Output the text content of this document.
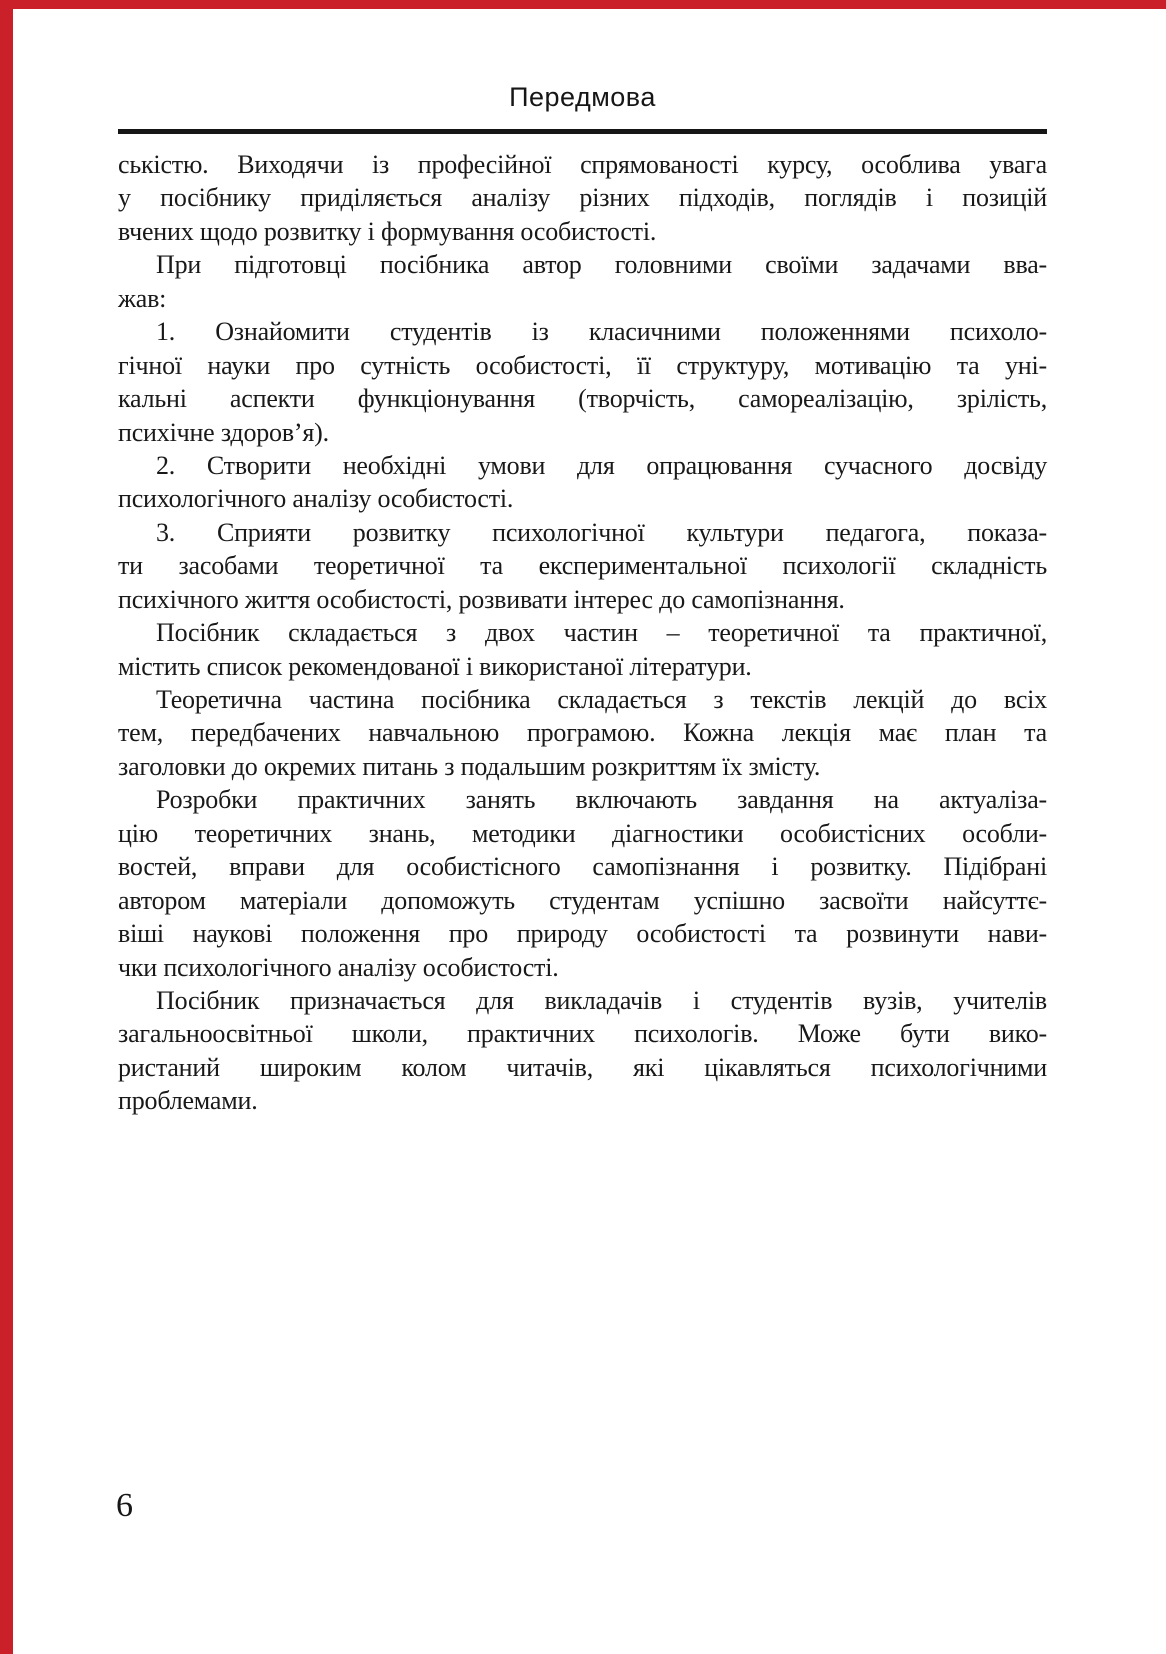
Передмова
ськістю. Виходячи із професійної спрямованості курсу, особлива увага
у посібнику приділяється аналізу різних підходів, поглядів і позицій
вчених щодо розвитку і формування особистості.
При підготовці посібника автор головними своїми задачами вва-
жав:
1. Ознайомити студентів із класичними положеннями психоло-
гічної науки про сутність особистості, її структуру, мотивацію та уні-
кальні аспекти функціонування (творчість, самореалізацію, зрілість,
психічне здоров’я).
2. Створити необхідні умови для опрацювання сучасного досвіду
психологічного аналізу особистості.
3. Сприяти розвитку психологічної культури педагога, показа-
ти засобами теоретичної та експериментальної психології складність
психічного життя особистості, розвивати інтерес до самопізнання.
Посібник складається з двох частин – теоретичної та практичної,
містить список рекомендованої і використаної літератури.
Теоретична частина посібника складається з текстів лекцій до всіх
тем, передбачених навчальною програмою. Кожна лекція має план та
заголовки до окремих питань з подальшим розкриттям їх змісту.
Розробки практичних занять включають завдання на актуаліза-
цію теоретичних знань, методики діагностики особистісних особли-
востей, вправи для особистісного самопізнання і розвитку. Підібрані
автором матеріали допоможуть студентам успішно засвоїти найсуттє-
віші наукові положення про природу особистості та розвинути нави-
чки психологічного аналізу особистості.
Посібник призначається для викладачів і студентів вузів, учителів
загальноосвітньої школи, практичних психологів. Може бути вико-
ристаний широким колом читачів, які цікавляться психологічними
проблемами.
6
